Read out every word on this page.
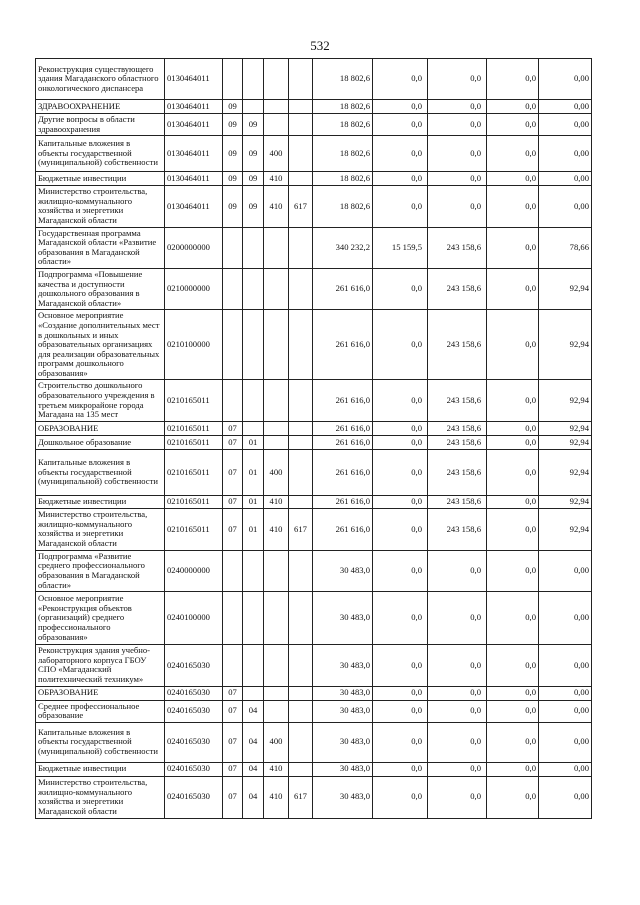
532
Реконструкция существующего здания Магаданского областного онкологического диспансера	0130464011					18 802,6	0,0	0,0	0,0	0,00
ЗДРАВООХРАНЕНИЕ	0130464011	09				18 802,6	0,0	0,0	0,0	0,00
Другие вопросы в области здравоохранения	0130464011	09	09			18 802,6	0,0	0,0	0,0	0,00
Капитальные вложения в объекты государственной (муниципальной) собственности	0130464011	09	09	400		18 802,6	0,0	0,0	0,0	0,00
Бюджетные инвестиции	0130464011	09	09	410		18 802,6	0,0	0,0	0,0	0,00
Министерство строительства, жилищно-коммунального хозяйства и энергетики Магаданской области	0130464011	09	09	410	617	18 802,6	0,0	0,0	0,0	0,00
Государственная программа Магаданской области «Развитие образования в Магаданской области»	0200000000					340 232,2	15 159,5	243 158,6	0,0	78,66
Подпрограмма «Повышение качества и доступности дошкольного образования в Магаданской области»	0210000000					261 616,0	0,0	243 158,6	0,0	92,94
Основное мероприятие «Создание дополнительных мест в дошкольных и иных образовательных организациях для реализации образовательных программ дошкольного образования»	0210100000					261 616,0	0,0	243 158,6	0,0	92,94
Строительство дошкольного образовательного учреждения в третьем микрорайоне города Магадана на 135 мест	0210165011					261 616,0	0,0	243 158,6	0,0	92,94
ОБРАЗОВАНИЕ	0210165011	07				261 616,0	0,0	243 158,6	0,0	92,94
Дошкольное образование	0210165011	07	01			261 616,0	0,0	243 158,6	0,0	92,94
Капитальные вложения в объекты государственной (муниципальной) собственности	0210165011	07	01	400		261 616,0	0,0	243 158,6	0,0	92,94
Бюджетные инвестиции	0210165011	07	01	410		261 616,0	0,0	243 158,6	0,0	92,94
Министерство строительства, жилищно-коммунального хозяйства и энергетики Магаданской области	0210165011	07	01	410	617	261 616,0	0,0	243 158,6	0,0	92,94
Подпрограмма «Развитие среднего профессионального образования в Магаданской области»	0240000000					30 483,0	0,0	0,0	0,0	0,00
Основное мероприятие «Реконструкция объектов (организаций) среднего профессионального образования»	0240100000					30 483,0	0,0	0,0	0,0	0,00
Реконструкция здания учебно-лабораторного корпуса ГБОУ СПО «Магаданский политехнический техникум»	0240165030					30 483,0	0,0	0,0	0,0	0,00
ОБРАЗОВАНИЕ	0240165030	07				30 483,0	0,0	0,0	0,0	0,00
Среднее профессиональное образование	0240165030	07	04			30 483,0	0,0	0,0	0,0	0,00
Капитальные вложения в объекты государственной (муниципальной) собственности	0240165030	07	04	400		30 483,0	0,0	0,0	0,0	0,00
Бюджетные инвестиции	0240165030	07	04	410		30 483,0	0,0	0,0	0,0	0,00
Министерство строительства, жилищно-коммунального хозяйства и энергетики Магаданской области	0240165030	07	04	410	617	30 483,0	0,0	0,0	0,0	0,00
